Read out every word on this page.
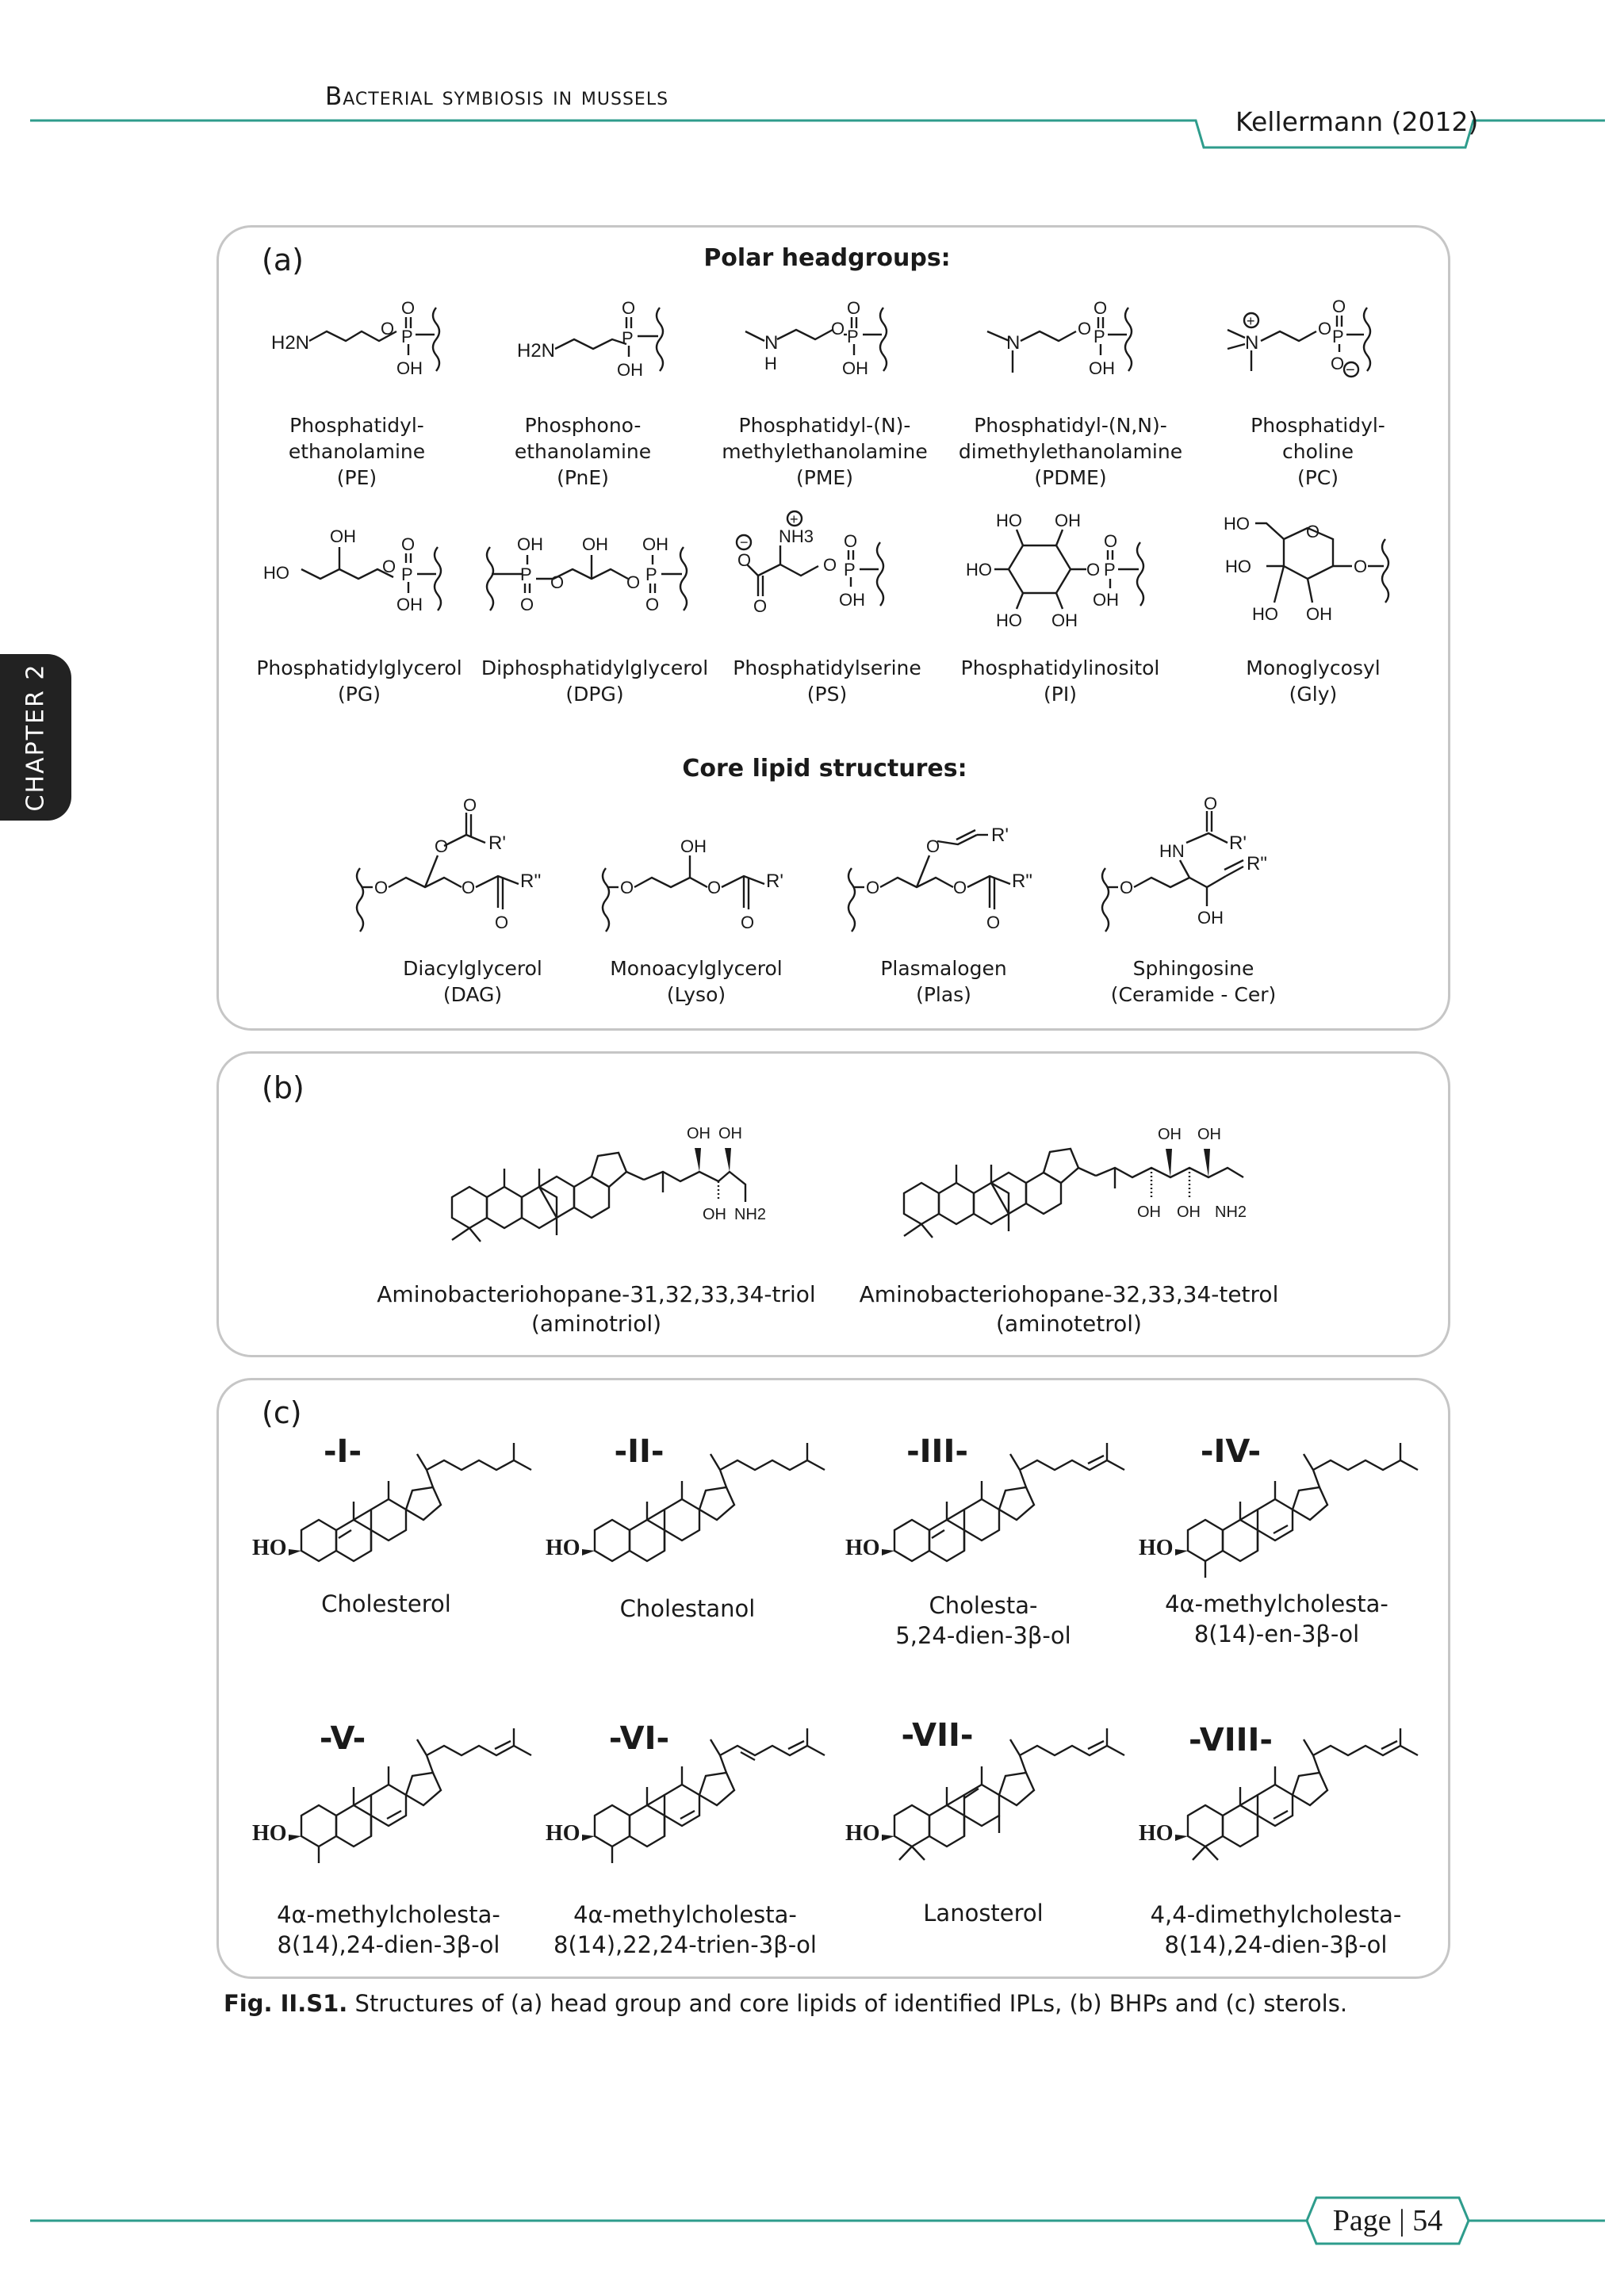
Bacterial symbiosis in mussels
Kellermann (2012)
CHAPTER 2
(a)	Polar headgroups:
H2N
O
O
P
OH
H2N
O
P
OH
N
H
O
O
P
OH
N
O
O
P
OH
+
N
O
O
P
O −
Phosphatidyl-
ethanolamine
(PE)
Phosphono-
ethanolamine
(PnE)
Phosphatidyl-(N)-
methylethanolamine
(PME)
Phosphatidyl-(N,N)-
dimethylethanolamine
(PDME)
Phosphatidyl-
choline
(PC)
OH
HO	O
O
P
OH
OH
P
O
O
OH
O
OH
P
O
−
+
NH3
O
O
O
O
P
OH
HO OH
HO
HO OH
O
O
P
OH
HO	O
HO
HO OH
O
Phosphatidylglycerol
(PG)
Diphosphatidylglycerol
(DPG)
Phosphatidylserine
(PS)
Phosphatidylinositol
(PI)
Monoglycosyl
(Gly)
Core lipid structures:
O
O
O
R'
O R''
O
O
OH
O R'
O
O
O
R'
O R"
O
O
HN
O
R'
R"
OH
Diacylglycerol
(DAG)
Monoacylglycerol
(Lyso)
Plasmalogen
(Plas)
Sphingosine
(Ceramide - Cer)
(b)
OH OH
OH NH2
OH OH
OH OH NH2
Aminobacteriohopane-31,32,33,34-triol
(aminotriol)
Aminobacteriohopane-32,33,34-tetrol
(aminotetrol)
(c)
-I-
HO
-II-
HO
-III-
HO
-IV-
HO
Cholesterol	Cholestanol	Cholesta-
5,24-dien-3β-ol
4α-methylcholesta-
8(14)-en-3β-ol
-V-
HO
-VI-
HO
-VII-
HO
-VIII-
HO
4α-methylcholesta-
8(14),24-dien-3β-ol
4α-methylcholesta-
8(14),22,24-trien-3β-ol
Lanosterol	4,4-dimethylcholesta-
8(14),24-dien-3β-ol
Fig. II.S1. Structures of (a) head group and core lipids of identified IPLs, (b) BHPs and (c) sterols.
Page | 54
